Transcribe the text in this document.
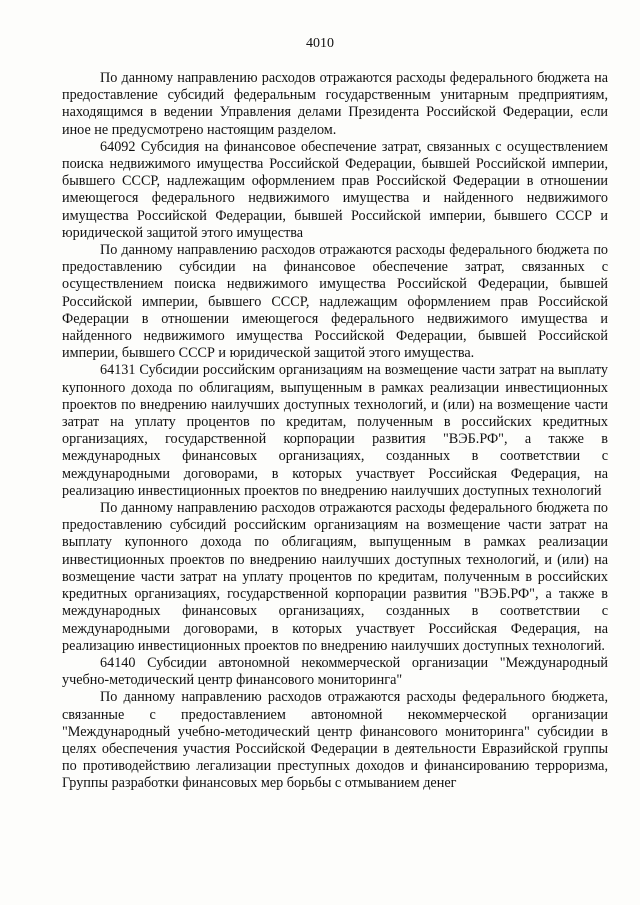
4010

По данному направлению расходов отражаются расходы федерального бюджета на предоставление субсидий федеральным государственным унитарным предприятиям, находящимся в ведении Управления делами Президента Российской Федерации, если иное не предусмотрено настоящим разделом.

64092 Субсидия на финансовое обеспечение затрат, связанных с осуществлением поиска недвижимого имущества Российской Федерации, бывшей Российской империи, бывшего СССР, надлежащим оформлением прав Российской Федерации в отношении имеющегося федерального недвижимого имущества и найденного недвижимого имущества Российской Федерации, бывшей Российской империи, бывшего СССР и юридической защитой этого имущества

По данному направлению расходов отражаются расходы федерального бюджета по предоставлению субсидии на финансовое обеспечение затрат, связанных с осуществлением поиска недвижимого имущества Российской Федерации, бывшей Российской империи, бывшего СССР, надлежащим оформлением прав Российской Федерации в отношении имеющегося федерального недвижимого имущества и найденного недвижимого имущества Российской Федерации, бывшей Российской империи, бывшего СССР и юридической защитой этого имущества.

64131 Субсидии российским организациям на возмещение части затрат на выплату купонного дохода по облигациям, выпущенным в рамках реализации инвестиционных проектов по внедрению наилучших доступных технологий, и (или) на возмещение части затрат на уплату процентов по кредитам, полученным в российских кредитных организациях, государственной корпорации развития "ВЭБ.РФ", а также в международных финансовых организациях, созданных в соответствии с международными договорами, в которых участвует Российская Федерация, на реализацию инвестиционных проектов по внедрению наилучших доступных технологий

По данному направлению расходов отражаются расходы федерального бюджета по предоставлению субсидий российским организациям на возмещение части затрат на выплату купонного дохода по облигациям, выпущенным в рамках реализации инвестиционных проектов по внедрению наилучших доступных технологий, и (или) на возмещение части затрат на уплату процентов по кредитам, полученным в российских кредитных организациях, государственной корпорации развития "ВЭБ.РФ", а также в международных финансовых организациях, созданных в соответствии с международными договорами, в которых участвует Российская Федерация, на реализацию инвестиционных проектов по внедрению наилучших доступных технологий.

64140 Субсидии автономной некоммерческой организации "Международный учебно-методический центр финансового мониторинга"

По данному направлению расходов отражаются расходы федерального бюджета, связанные с предоставлением автономной некоммерческой организации "Международный учебно-методический центр финансового мониторинга" субсидии в целях обеспечения участия Российской Федерации в деятельности Евразийской группы по противодействию легализации преступных доходов и финансированию терроризма, Группы разработки финансовых мер борьбы с отмыванием денег
